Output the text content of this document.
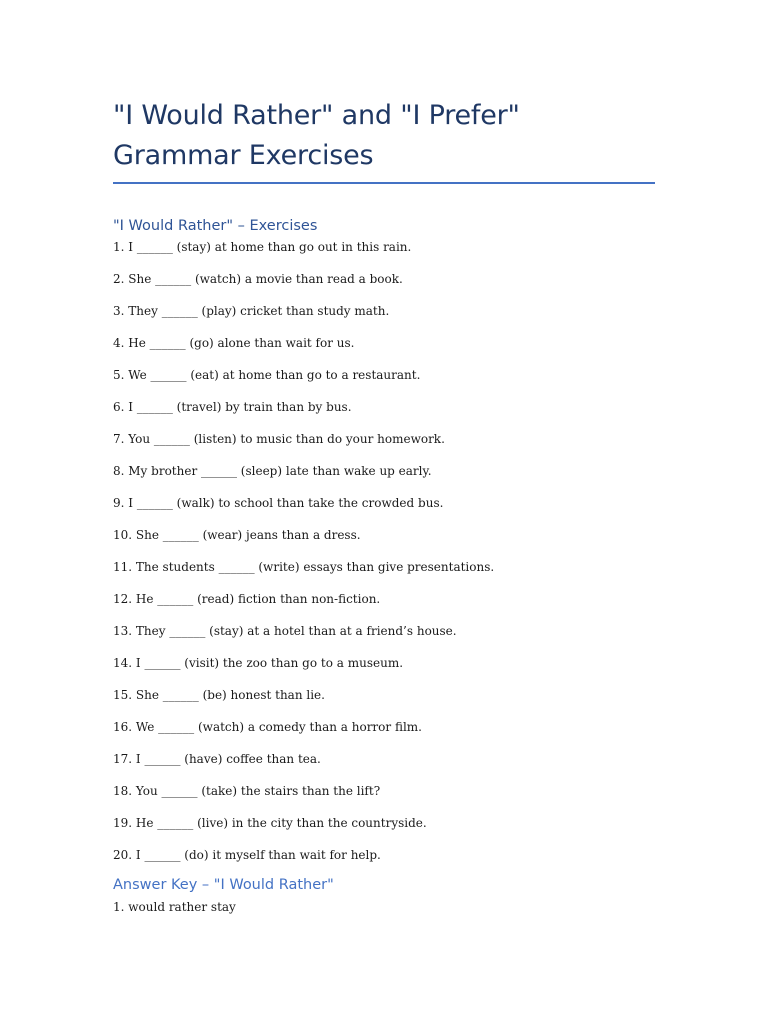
"I Would Rather" and "I Prefer"
Grammar Exercises
"I Would Rather" – Exercises
1. I ______ (stay) at home than go out in this rain.
2. She ______ (watch) a movie than read a book.
3. They ______ (play) cricket than study math.
4. He ______ (go) alone than wait for us.
5. We ______ (eat) at home than go to a restaurant.
6. I ______ (travel) by train than by bus.
7. You ______ (listen) to music than do your homework.
8. My brother ______ (sleep) late than wake up early.
9. I ______ (walk) to school than take the crowded bus.
10. She ______ (wear) jeans than a dress.
11. The students ______ (write) essays than give presentations.
12. He ______ (read) fiction than non-fiction.
13. They ______ (stay) at a hotel than at a friend’s house.
14. I ______ (visit) the zoo than go to a museum.
15. She ______ (be) honest than lie.
16. We ______ (watch) a comedy than a horror film.
17. I ______ (have) coffee than tea.
18. You ______ (take) the stairs than the lift?
19. He ______ (live) in the city than the countryside.
20. I ______ (do) it myself than wait for help.
Answer Key – "I Would Rather"
1. would rather stay
